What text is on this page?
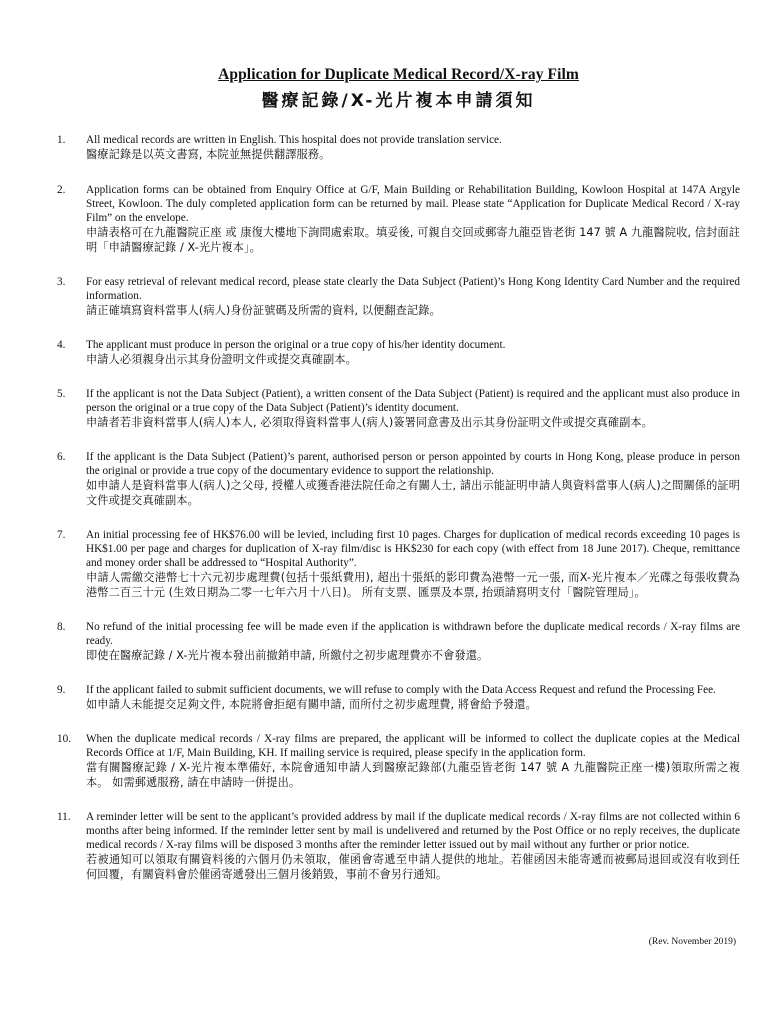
Application for Duplicate Medical Record/X-ray Film
醫療記錄/X-光片複本申請須知
1.	All medical records are written in English. This hospital does not provide translation service.
醫療記錄是以英文書寫, 本院並無提供翻譯服務。
2.	Application forms can be obtained from Enquiry Office at G/F, Main Building or Rehabilitation Building, Kowloon Hospital at 147A Argyle Street, Kowloon. The duly completed application form can be returned by mail. Please state “Application for Duplicate Medical Record / X-ray Film” on the envelope.
申請表格可在九龍醫院正座 或 康復大樓地下詢問處索取。填妥後, 可親自交回或郵寄九龍亞皆老街 147 號 A 九龍醫院收, 信封面註明「申請醫療記錄 / X-光片複本」。
3.	For easy retrieval of relevant medical record, please state clearly the Data Subject (Patient)’s Hong Kong Identity Card Number and the required information.
請正確填寫資料當事人(病人)身份証號碼及所需的資料, 以便翻查記錄。
4.	The applicant must produce in person the original or a true copy of his/her identity document.
申請人必須親身出示其身份證明文件或提交真確副本。
5.	If the applicant is not the Data Subject (Patient), a written consent of the Data Subject (Patient) is required and the applicant must also produce in person the original or a true copy of the Data Subject (Patient)’s identity document.
申請者若非資料當事人(病人)本人, 必須取得資料當事人(病人)簽署同意書及出示其身份証明文件或提交真確副本。
6.	If the applicant is the Data Subject (Patient)’s parent, authorised person or person appointed by courts in Hong Kong, please produce in person the original or provide a true copy of the documentary evidence to support the relationship.
如申請人是資料當事人(病人)之父母, 授權人或獲香港法院任命之有關人士, 請出示能証明申請人與資料當事人(病人)之間關係的証明文件或提交真確副本。
7.	An initial processing fee of HK$76.00 will be levied, including first 10 pages. Charges for duplication of medical records exceeding 10 pages is HK$1.00 per page and charges for duplication of X-ray film/disc is HK$230 for each copy (with effect from 18 June 2017). Cheque, remittance and money order shall be addressed to “Hospital Authority”.
申請人需繳交港幣七十六元初步處理費(包括十張紙費用), 超出十張紙的影印費為港幣一元一張, 而X-光片複本／光碟之每張收費為港幣二百三十元 (生效日期為二零一七年六月十八日)。 所有支票、匯票及本票, 抬頭請寫明支付「醫院管理局」。
8.	No refund of the initial processing fee will be made even if the application is withdrawn before the duplicate medical records / X-ray films are ready.
即使在醫療記錄 / X-光片複本發出前撤銷申請, 所繳付之初步處理費亦不會發還。
9.	If the applicant failed to submit sufficient documents, we will refuse to comply with the Data Access Request and refund the Processing Fee.
如申請人未能提交足夠文件, 本院將會拒絕有關申請, 而所付之初步處理費, 將會給予發還。
10.	When the duplicate medical records / X-ray films are prepared, the applicant will be informed to collect the duplicate copies at the Medical Records Office at 1/F, Main Building, KH. If mailing service is required, please specify in the application form.
當有關醫療記錄 / X-光片複本準備好, 本院會通知申請人到醫療記錄部(九龍亞皆老街 147 號 A 九龍醫院正座一樓)領取所需之複本。 如需郵遞服務, 請在申請時一併提出。
11.	A reminder letter will be sent to the applicant’s provided address by mail if the duplicate medical records / X-ray films are not collected within 6 months after being informed. If the reminder letter sent by mail is undelivered and returned by the Post Office or no reply receives, the duplicate medical records / X-ray films will be disposed 3 months after the reminder letter issued out by mail without any further or prior notice.
若被通知可以領取有關資料後的六個月仍未領取，催函會寄遞至申請人提供的地址。若催函因未能寄遞而被郵局退回或沒有收到任何回覆，有關資料會於催函寄遞發出三個月後銷毀，事前不會另行通知。
(Rev. November 2019)
